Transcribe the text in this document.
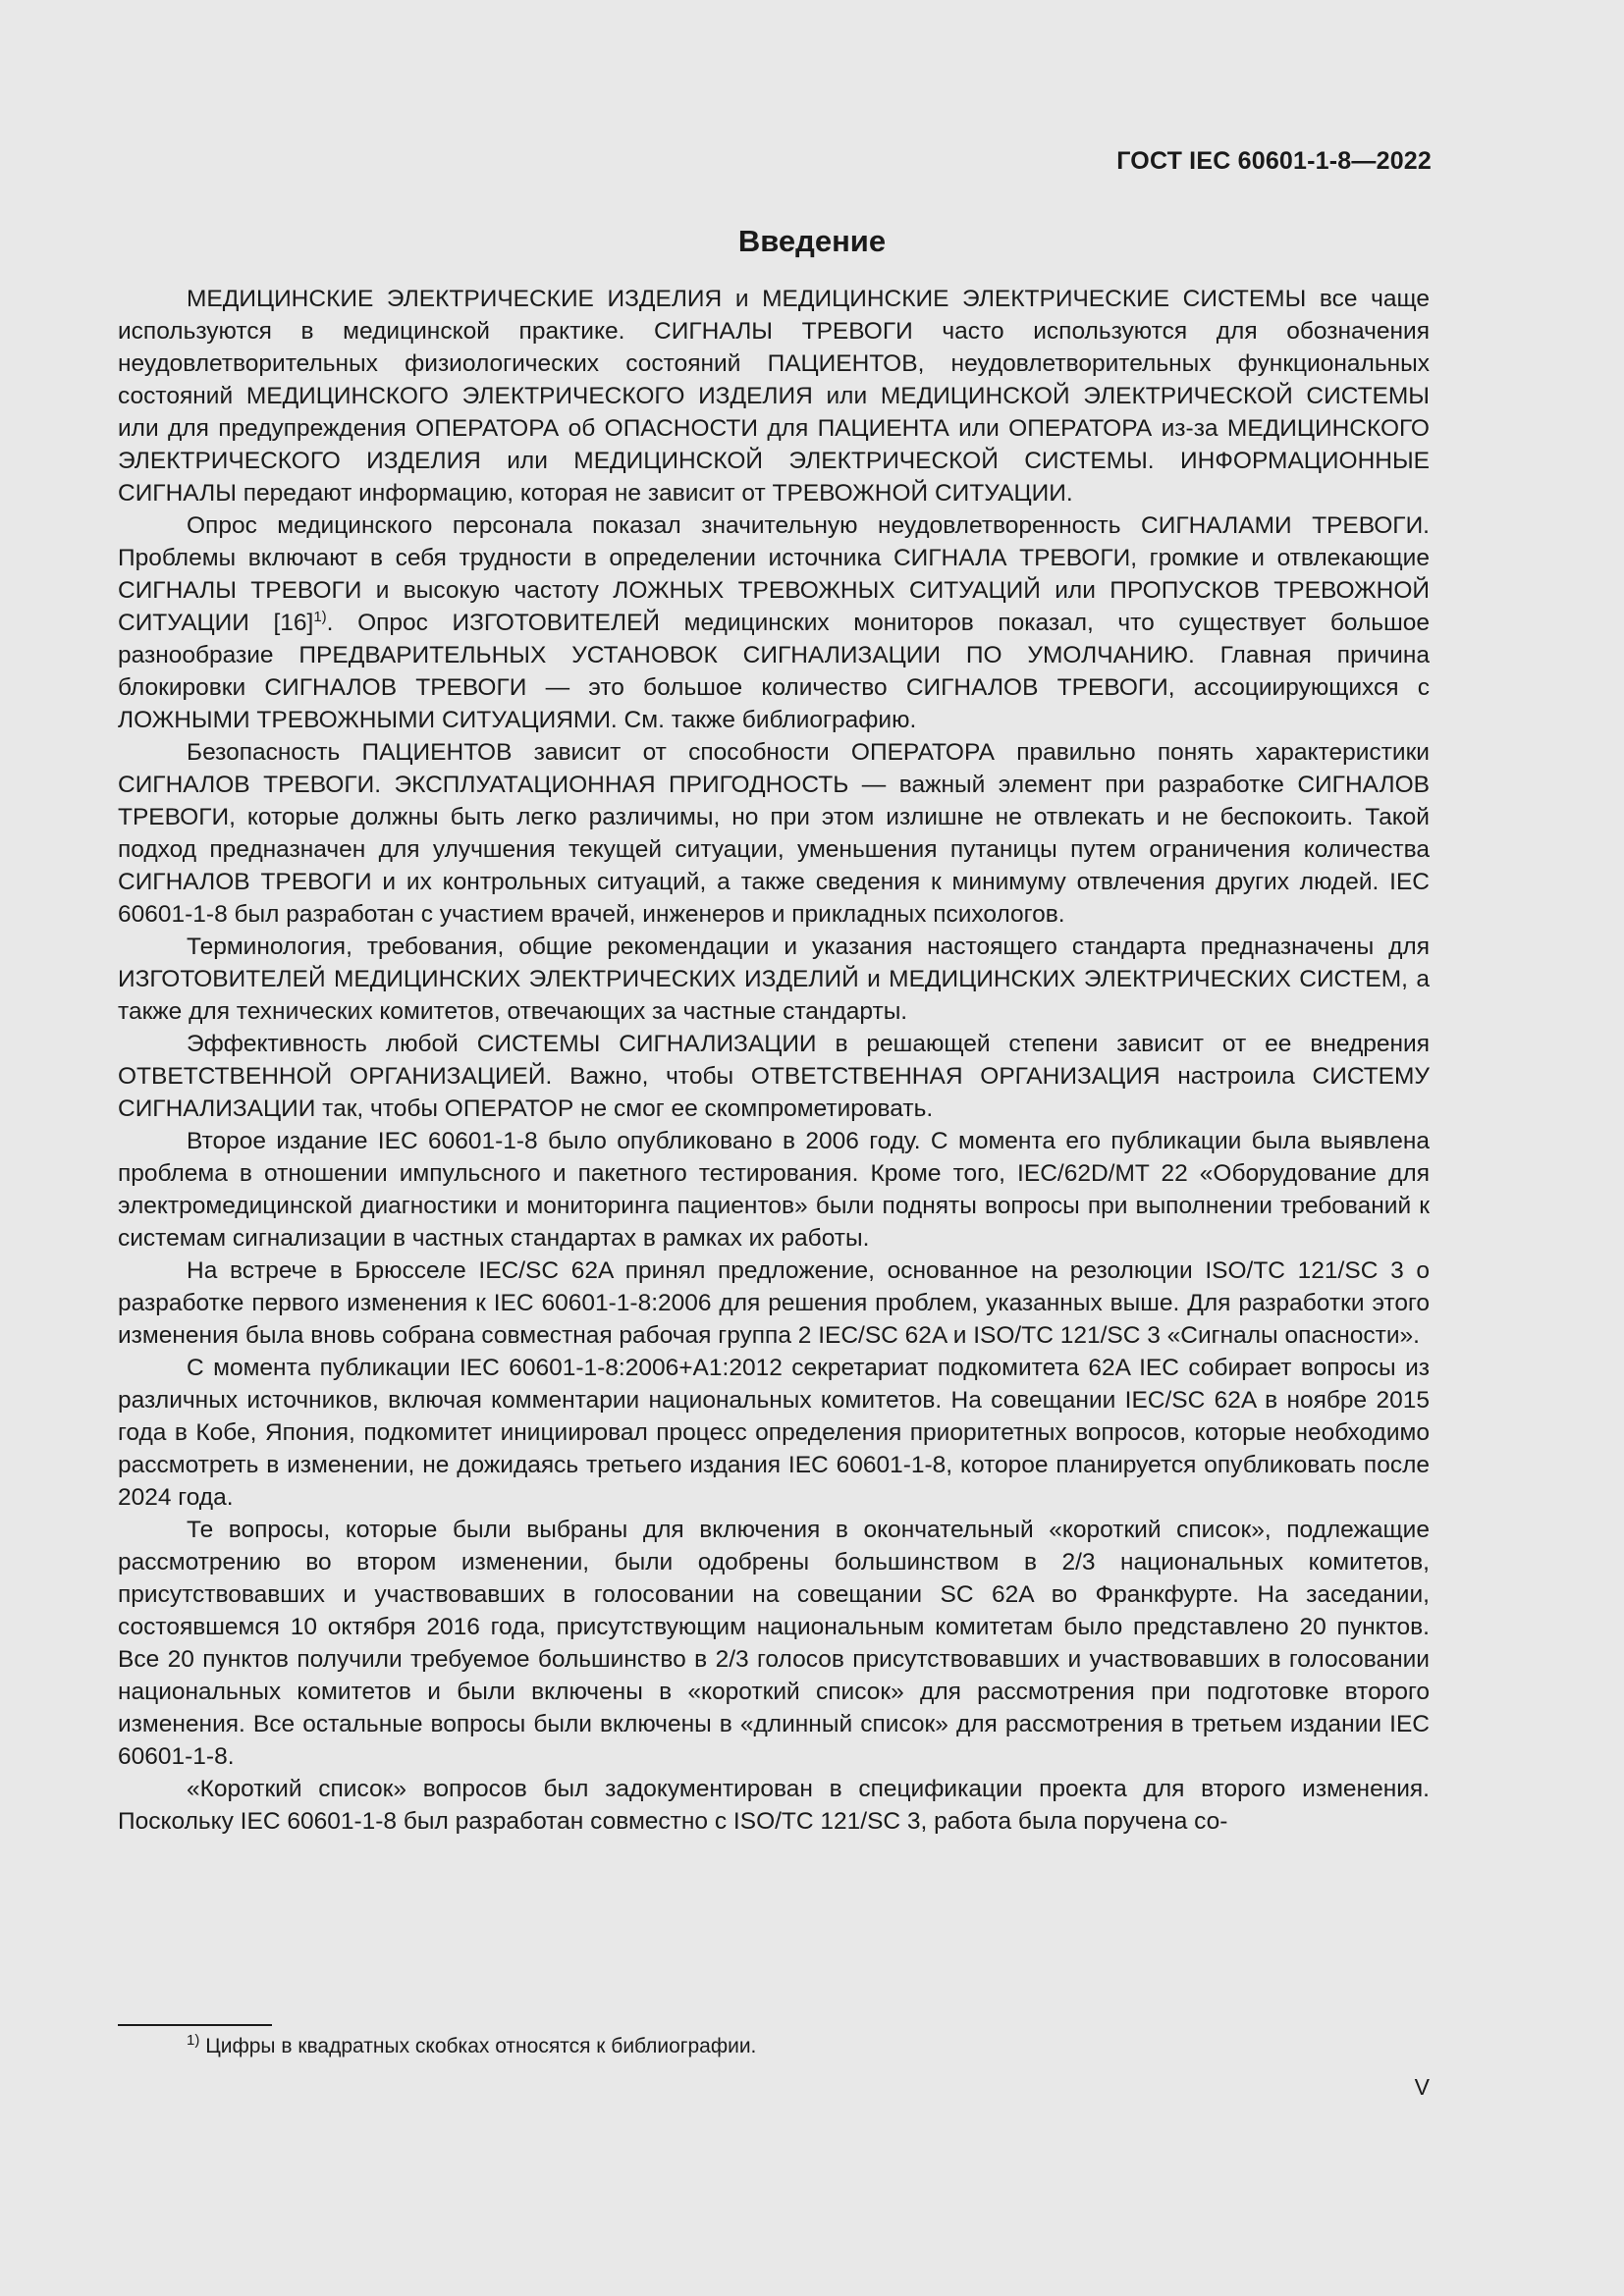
ГОСТ IEC 60601-1-8—2022
Введение

МЕДИЦИНСКИЕ ЭЛЕКТРИЧЕСКИЕ ИЗДЕЛИЯ и МЕДИЦИНСКИЕ ЭЛЕКТРИЧЕСКИЕ СИСТЕМЫ все чаще используются в медицинской практике. СИГНАЛЫ ТРЕВОГИ часто используются для обозначения неудовлетворительных физиологических состояний ПАЦИЕНТОВ, неудовлетворительных функциональных состояний МЕДИЦИНСКОГО ЭЛЕКТРИЧЕСКОГО ИЗДЕЛИЯ или МЕДИЦИНСКОЙ ЭЛЕКТРИЧЕСКОЙ СИСТЕМЫ или для предупреждения ОПЕРАТОРА об ОПАСНОСТИ для ПАЦИЕНТА или ОПЕРАТОРА из-за МЕДИЦИНСКОГО ЭЛЕКТРИЧЕСКОГО ИЗДЕЛИЯ или МЕДИЦИНСКОЙ ЭЛЕКТРИЧЕСКОЙ СИСТЕМЫ. ИНФОРМАЦИОННЫЕ СИГНАЛЫ передают информацию, которая не зависит от ТРЕВОЖНОЙ СИТУАЦИИ.

Опрос медицинского персонала показал значительную неудовлетворенность СИГНАЛАМИ ТРЕВОГИ. Проблемы включают в себя трудности в определении источника СИГНАЛА ТРЕВОГИ, громкие и отвлекающие СИГНАЛЫ ТРЕВОГИ и высокую частоту ЛОЖНЫХ ТРЕВОЖНЫХ СИТУАЦИЙ или ПРОПУСКОВ ТРЕВОЖНОЙ СИТУАЦИИ $[16]^{1)}$. Опрос ИЗГОТОВИТЕЛЕЙ медицинских мониторов показал, что существует большое разнообразие ПРЕДВАРИТЕЛЬНЫХ УСТАНОВОК СИГНАЛИЗАЦИИ ПО УМОЛЧАНИЮ. Главная причина блокировки СИГНАЛОВ ТРЕВОГИ — это большое количество СИГНАЛОВ ТРЕВОГИ, ассоциирующихся с ЛОЖНЫМИ ТРЕВОЖНЫМИ СИТУАЦИЯМИ. См. также библиографию.

Безопасность ПАЦИЕНТОВ зависит от способности ОПЕРАТОРА правильно понять характеристики СИГНАЛОВ ТРЕВОГИ. ЭКСПЛУАТАЦИОННАЯ ПРИГОДНОСТЬ — важный элемент при разработке СИГНАЛОВ ТРЕВОГИ, которые должны быть легко различимы, но при этом излишне не отвлекать и не беспокоить. Такой подход предназначен для улучшения текущей ситуации, уменьшения путаницы путем ограничения количества СИГНАЛОВ ТРЕВОГИ и их контрольных ситуаций, а также сведения к минимуму отвлечения других людей. IEC 60601-1-8 был разработан с участием врачей, инженеров и прикладных психологов.

Терминология, требования, общие рекомендации и указания настоящего стандарта предназначены для ИЗГОТОВИТЕЛЕЙ МЕДИЦИНСКИХ ЭЛЕКТРИЧЕСКИХ ИЗДЕЛИЙ и МЕДИЦИНСКИХ ЭЛЕКТРИЧЕСКИХ СИСТЕМ, а также для технических комитетов, отвечающих за частные стандарты.

Эффективность любой СИСТЕМЫ СИГНАЛИЗАЦИИ в решающей степени зависит от ее внедрения ОТВЕТСТВЕННОЙ ОРГАНИЗАЦИЕЙ. Важно, чтобы ОТВЕТСТВЕННАЯ ОРГАНИЗАЦИЯ настроила СИСТЕМУ СИГНАЛИЗАЦИИ так, чтобы ОПЕРАТОР не смог ее скомпрометировать.

Второе издание IEC 60601-1-8 было опубликовано в 2006 году. С момента его публикации была выявлена проблема в отношении импульсного и пакетного тестирования. Кроме того, IEC/62D/MT 22 «Оборудование для электромедицинской диагностики и мониторинга пациентов» были подняты вопросы при выполнении требований к системам сигнализации в частных стандартах в рамках их работы.

На встрече в Брюсселе IEC/SC 62A принял предложение, основанное на резолюции ISO/TC 121/SC 3 о разработке первого изменения к IEC 60601-1-8:2006 для решения проблем, указанных выше. Для разработки этого изменения была вновь собрана совместная рабочая группа 2 IEC/SC 62A и ISO/TC 121/SC 3 «Сигналы опасности».

С момента публикации IEC 60601-1-8:2006+A1:2012 секретариат подкомитета 62A IEC собирает вопросы из различных источников, включая комментарии национальных комитетов. На совещании IEC/SC 62A в ноябре 2015 года в Кобе, Япония, подкомитет инициировал процесс определения приоритетных вопросов, которые необходимо рассмотреть в изменении, не дожидаясь третьего издания IEC 60601-1-8, которое планируется опубликовать после 2024 года.

Те вопросы, которые были выбраны для включения в окончательный «короткий список», подлежащие рассмотрению во втором изменении, были одобрены большинством в 2/3 национальных комитетов, присутствовавших и участвовавших в голосовании на совещании SC 62A во Франкфурте. На заседании, состоявшемся 10 октября 2016 года, присутствующим национальным комитетам было представлено 20 пунктов. Все 20 пунктов получили требуемое большинство в 2/3 голосов присутствовавших и участвовавших в голосовании национальных комитетов и были включены в «короткий список» для рассмотрения при подготовке второго изменения. Все остальные вопросы были включены в «длинный список» для рассмотрения в третьем издании IEC 60601-1-8.

«Короткий список» вопросов был задокументирован в спецификации проекта для второго изменения. Поскольку IEC 60601-1-8 был разработан совместно с ISO/TC 121/SC 3, работа была поручена со-

$^{1)}$ Цифры в квадратных скобках относятся к библиографии.
V
